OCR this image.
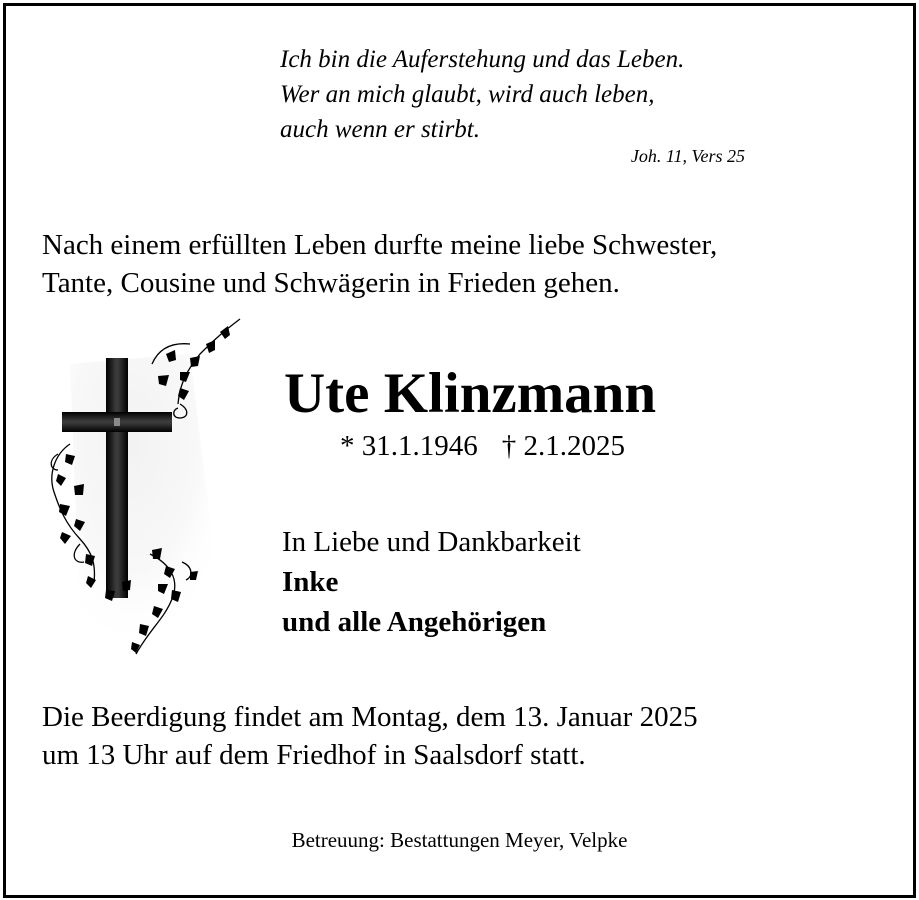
Ich bin die Auferstehung und das Leben.
Wer an mich glaubt, wird auch leben,
auch wenn er stirbt.
Joh. 11, Vers 25
Nach einem erfüllten Leben durfte meine liebe Schwester,
Tante, Cousine und Schwägerin in Frieden gehen.
Ute Klinzmann
* 31.1.1946 † 2.1.2025
In Liebe und Dankbarkeit
Inke
und alle Angehörigen
Die Beerdigung findet am Montag, dem 13. Januar 2025
um 13 Uhr auf dem Friedhof in Saalsdorf statt.
Betreuung: Bestattungen Meyer, Velpke
